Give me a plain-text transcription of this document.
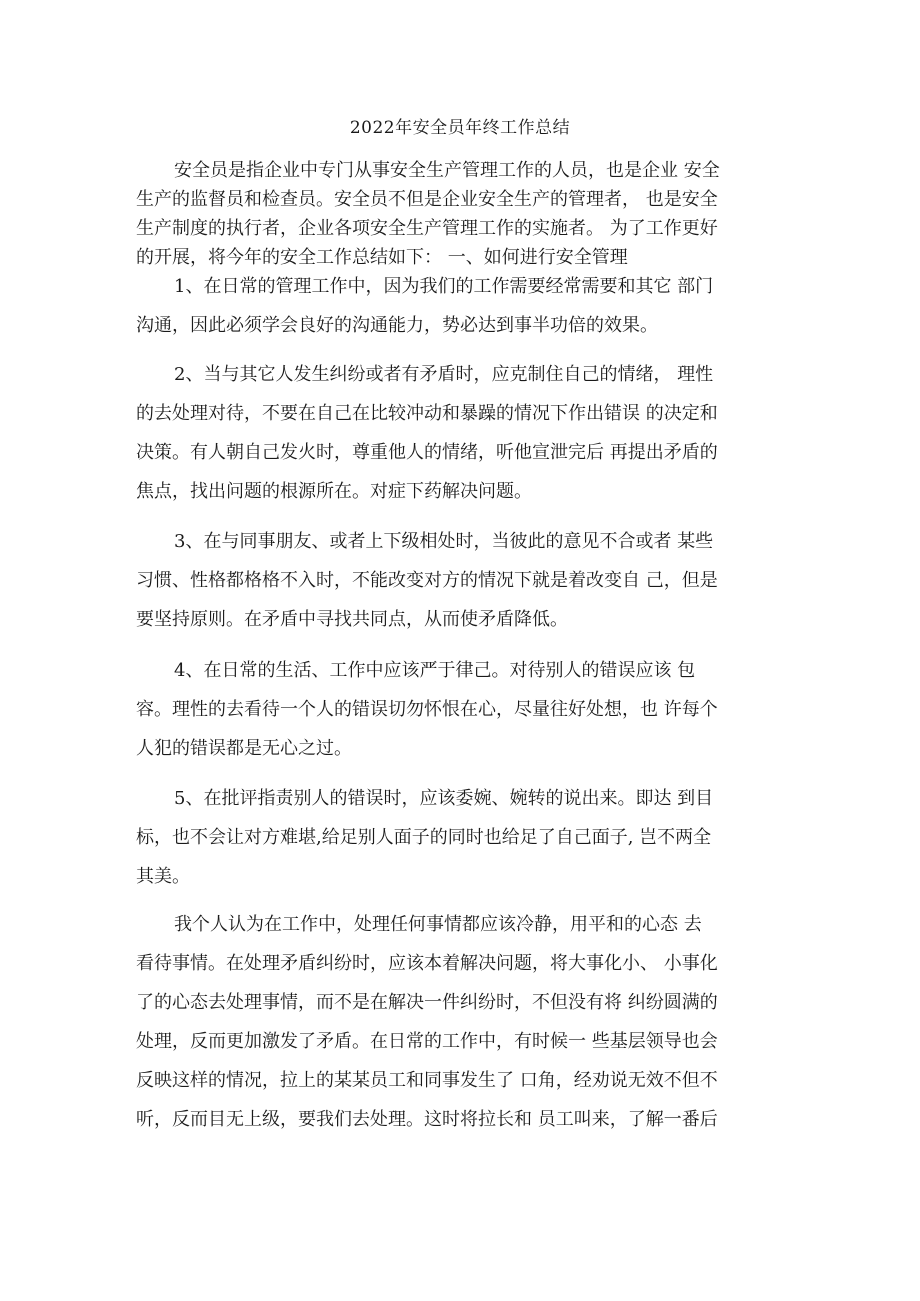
2022年安全员年终工作总结
安全员是指企业中专门从事安全生产管理工作的人员，也是企业 安全
生产的监督员和检查员。安全员不但是企业安全生产的管理者， 也是安全
生产制度的执行者，企业各项安全生产管理工作的实施者。 为了工作更好
的开展，将今年的安全工作总结如下： 一、如何进行安全管理
1、在日常的管理工作中，因为我们的工作需要经常需要和其它 部门
沟通，因此必须学会良好的沟通能力，势必达到事半功倍的效果。
2、当与其它人发生纠纷或者有矛盾时，应克制住自己的情绪， 理性
的去处理对待，不要在自己在比较冲动和暴躁的情况下作出错误 的决定和
决策。有人朝自己发火时，尊重他人的情绪，听他宣泄完后 再提出矛盾的
焦点，找出问题的根源所在。对症下药解决问题。
3、在与同事朋友、或者上下级相处时，当彼此的意见不合或者 某些
习惯、性格都格格不入时，不能改变对方的情况下就是着改变自 己，但是
要坚持原则。在矛盾中寻找共同点，从而使矛盾降低。
4、在日常的生活、工作中应该严于律己。对待别人的错误应该 包
容。理性的去看待一个人的错误切勿怀恨在心，尽量往好处想，也 许每个
人犯的错误都是无心之过。
5、在批评指责别人的错误时，应该委婉、婉转的说出来。即达 到目
标，也不会让对方难堪,给足别人面子的同时也给足了自己面子, 岂不两全
其美。
我个人认为在工作中，处理任何事情都应该冷静，用平和的心态 去
看待事情。在处理矛盾纠纷时，应该本着解决问题，将大事化小、 小事化
了的心态去处理事情，而不是在解决一件纠纷时，不但没有将 纠纷圆满的
处理，反而更加激发了矛盾。在日常的工作中，有时候一 些基层领导也会
反映这样的情况，拉上的某某员工和同事发生了 口角，经劝说无效不但不
听，反而目无上级，要我们去处理。这时将拉长和 员工叫来，了解一番后
